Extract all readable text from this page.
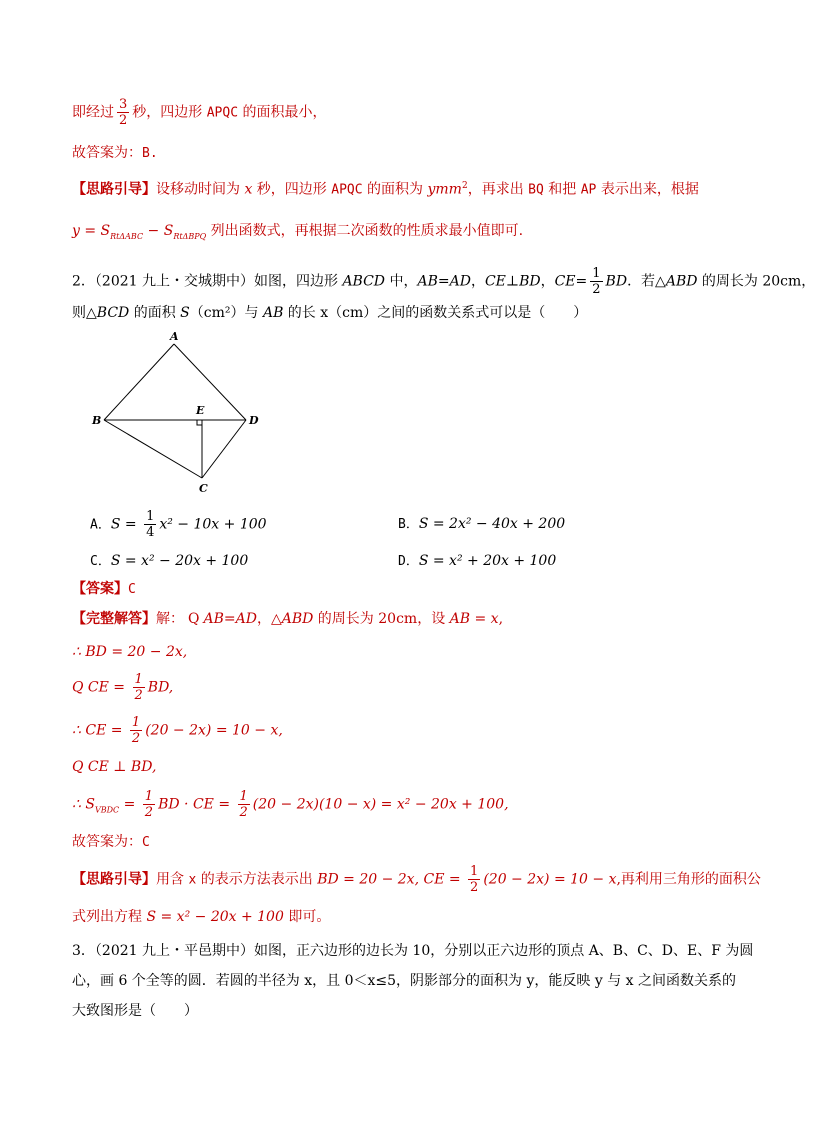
即经过 $\frac{3}{2}$ 秒，四边形 APQC 的面积最小，
故答案为：B.
【思路引导】设移动时间为 x 秒，四边形 APQC 的面积为 ymm$^2$，再求出 BQ 和把 AP 表示出来，根据
$y = S_{Rt\Delta ABC} - S_{Rt\Delta BPQ}$ 列出函数式，再根据二次函数的性质求最小值即可.
2．（2021 九上・交城期中）如图，四边形 ABCD 中，AB=AD，CE⊥BD，$CE= \frac{1}{2}$ BD．若△ABD 的周长为 20cm，
则△BCD 的面积 S（cm²）与 AB 的长 x（cm）之间的函数关系式可以是（　　）
A
B	D
E
C
A．$S = \frac{1}{4} x^2 - 10x + 100$	B．S = 2x² − 40x + 200
C．S = x² − 20x + 100	D．S = x² + 20x + 100
【答案】C
【完整解答】解： Q AB=AD，△ABD 的周长为 20cm，设 AB = x,
∴ BD = 20 − 2x,
Q CE = $\frac{1}{2}$ BD,
∴ CE = $\frac{1}{2} (20 - 2x) = 10 - x$,
Q CE ⊥ BD,
∴ $S_{VBDC} = \frac{1}{2}$ BD · CE = $\frac{1}{2} (20 - 2x)(10 - x) = x^2 - 20x + 100$,
故答案为：C
【思路引导】用含 x 的表示方法表示出 BD = 20 − 2x, CE = $\frac{1}{2} (20 - 2x) = 10 - x$,再利用三角形的面积公
式列出方程 S = x² − 20x + 100 即可。
3．（2021 九上・平邑期中）如图，正六边形的边长为 10，分别以正六边形的顶点 A、B、C、D、E、F 为圆
心，画 6 个全等的圆．若圆的半径为 x，且 0＜x≤5，阴影部分的面积为 y，能反映 y 与 x 之间函数关系的
大致图形是（　　）
